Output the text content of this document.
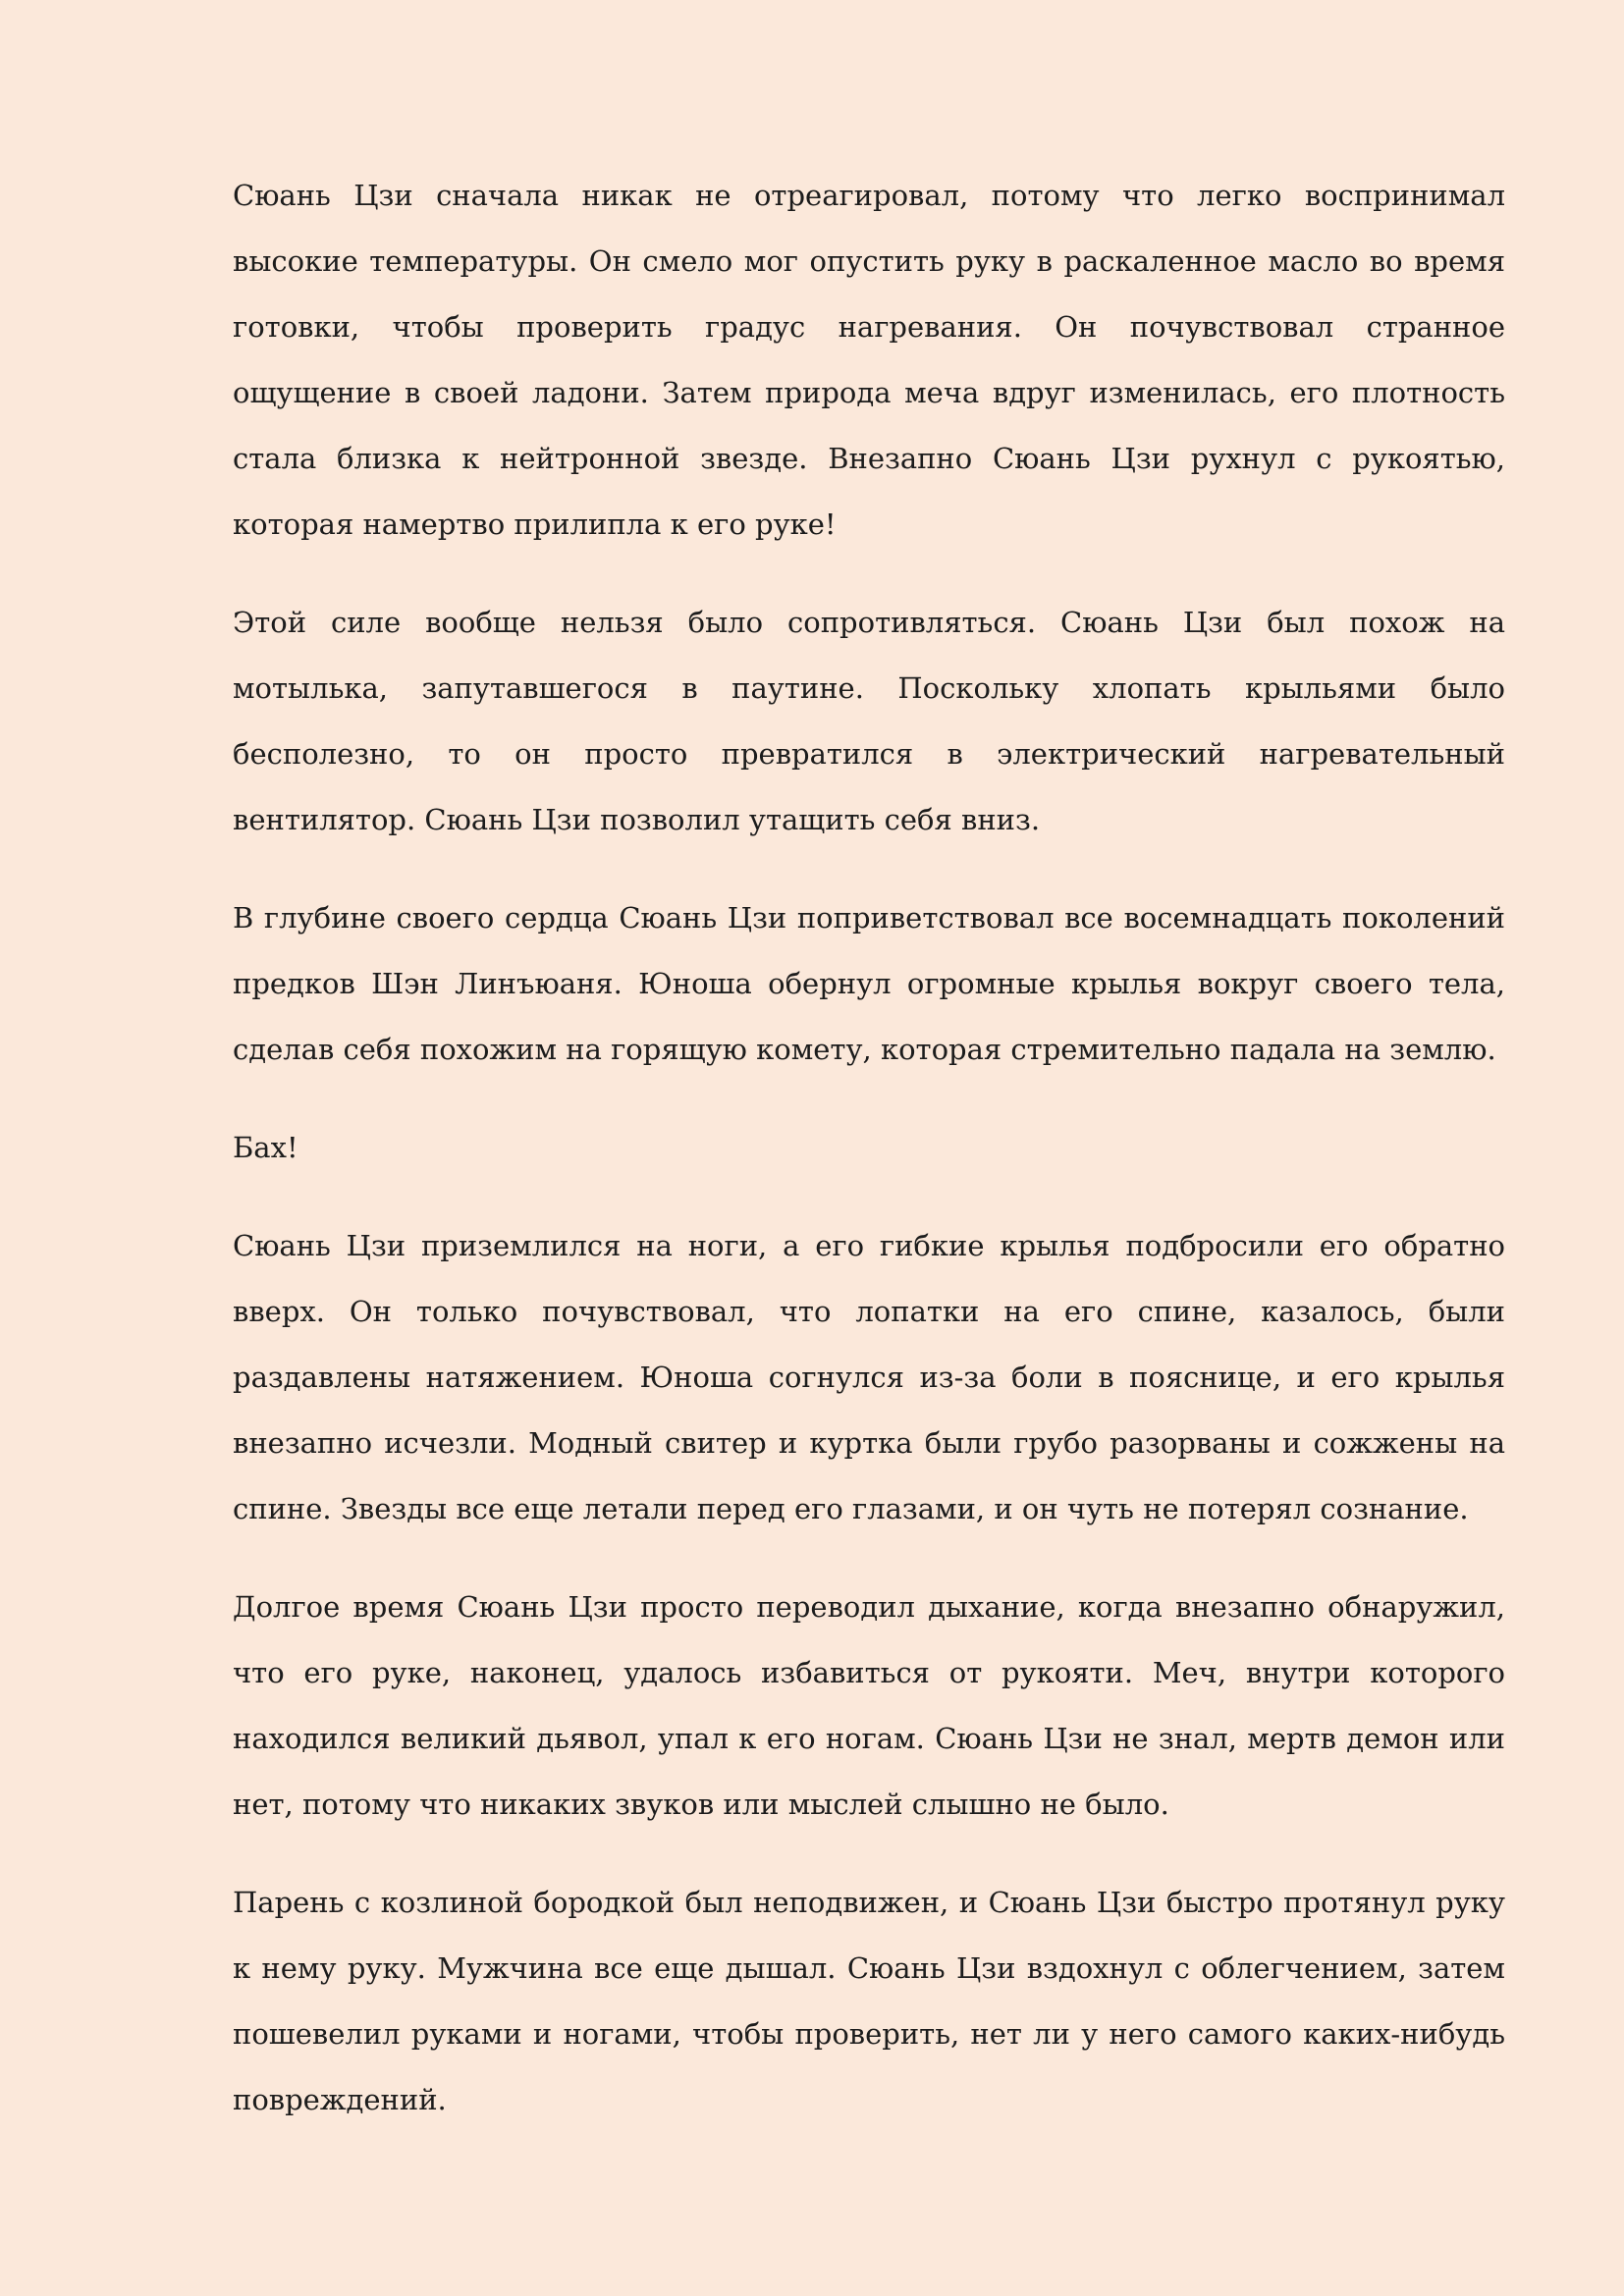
Сюань Цзи сначала никак не отреагировал, потому что легко воспринимал высокие температуры. Он смело мог опустить руку в раскаленное масло во время готовки, чтобы проверить градус нагревания. Он почувствовал странное ощущение в своей ладони. Затем природа меча вдруг изменилась, его плотность стала близка к нейтронной звезде. Внезапно Сюань Цзи рухнул с рукоятью, которая намертво прилипла к его руке!

Этой силе вообще нельзя было сопротивляться. Сюань Цзи был похож на мотылька, запутавшегося в паутине. Поскольку хлопать крыльями было бесполезно, то он просто превратился в электрический нагревательный вентилятор. Сюань Цзи позволил утащить себя вниз.

В глубине своего сердца Сюань Цзи поприветствовал все восемнадцать поколений предков Шэн Линъюаня. Юноша обернул огромные крылья вокруг своего тела, сделав себя похожим на горящую комету, которая стремительно падала на землю.

Бах!

Сюань Цзи приземлился на ноги, а его гибкие крылья подбросили его обратно вверх. Он только почувствовал, что лопатки на его спине, казалось, были раздавлены натяжением. Юноша согнулся из-за боли в пояснице, и его крылья внезапно исчезли. Модный свитер и куртка были грубо разорваны и сожжены на спине. Звезды все еще летали перед его глазами, и он чуть не потерял сознание.

Долгое время Сюань Цзи просто переводил дыхание, когда внезапно обнаружил, что его руке, наконец, удалось избавиться от рукояти. Меч, внутри которого находился великий дьявол, упал к его ногам. Сюань Цзи не знал, мертв демон или нет, потому что никаких звуков или мыслей слышно не было.

Парень с козлиной бородкой был неподвижен, и Сюань Цзи быстро протянул руку к нему руку. Мужчина все еще дышал. Сюань Цзи вздохнул с облегчением, затем пошевелил руками и ногами, чтобы проверить, нет ли у него самого каких-нибудь повреждений.
